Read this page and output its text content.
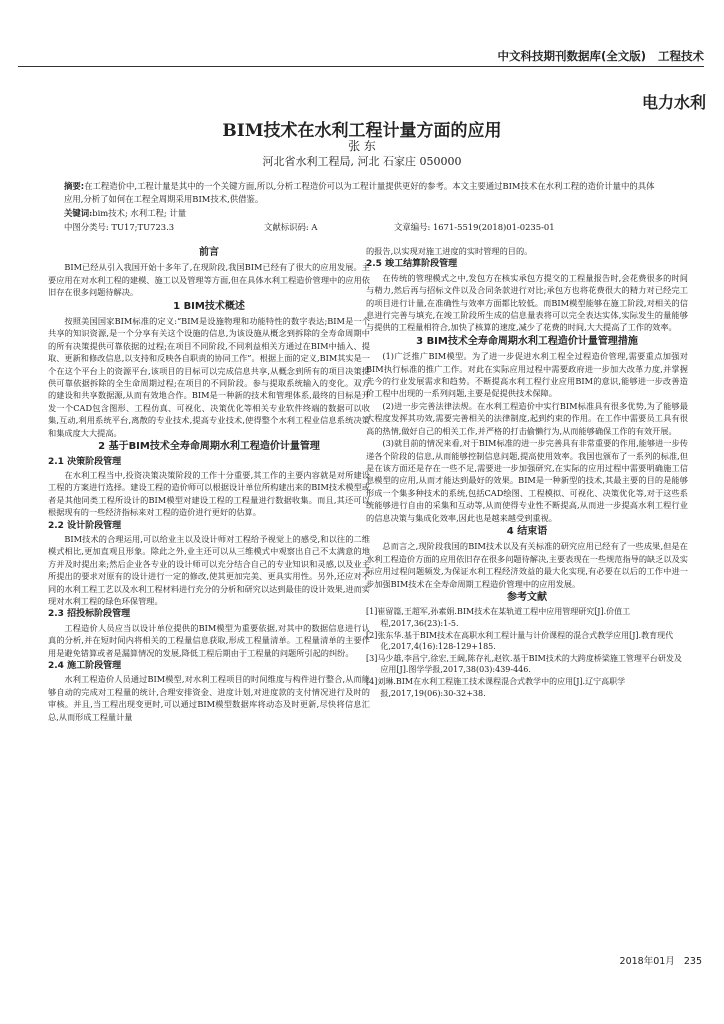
中文科技期刊数据库(全文版) 工程技术
电力水利
BIM技术在水利工程计量方面的应用
张 东
河北省水利工程局, 河北 石家庄 050000
摘要:在工程造价中,工程计量是其中的一个关键方面,所以,分析工程造价可以为工程计量提供更好的参考。本文主要通过BIM技术在水利工程的造价计量中的具体应用,分析了如何在工程全周期采用BIM技术,供借鉴。
关键词:bim技术; 水利工程; 计量
中图分类号: TU17;TU723.3	文献标识码: A	文章编号: 1671-5519(2018)01-0235-01
前言

BIM已经从引入我国开始十多年了,在现阶段,我国BIM已经有了很大的应用发展。主要应用在对水利工程的建模、施工以及管理等方面,但在具体水利工程造价管理中的应用依旧存在很多问题待解决。

1 BIM技术概述

按照美国国家BIM标准的定义:“BIM是设施物理和功能特性的数字表达;BIM是一个共享的知识资源,是一个分享有关这个设施的信息,为该设施从概念到拆除的全寿命周期中的所有决策提供可靠依据的过程;在项目不同阶段,不同利益相关方通过在BIM中插入、提取、更新和修改信息,以支持和反映各自职责的协同工作”。根据上面的定义,BIM其实是一个在这个平台上的资源平台,该项目的目标可以完成信息共享,从概念到所有的项目决策提供可靠依据拆除的全生命周期过程;在项目的不同阶段。参与提取系统输入的变化。双方的建设和共享数据源,从而有效地合作。BIM是一种新的技术和管理体系,最终的目标是开发一个CAD包含图形、工程仿真、可视化、决策优化等相关专业软件终端的数据可以收集,互动,利用系统平台,离散的专业技术,提高专业技术,使得整个水利工程业信息系统决策和集成度大大提高。

2 基于BIM技术全寿命周期水利工程造价计量管理
2.1 决策阶段管理

在水利工程当中,投资决策决策阶段的工作十分重要,其工作的主要内容就是对所建设工程的方案进行选择。建设工程的造价师可以根据设计单位所构建出来的BIM技术模型或者是其他同类工程所设计的BIM模型对建设工程的工程量进行数据收集。而且,其还可以根据现有的一些经济指标来对工程的造价进行更好的估算。

2.2 设计阶段管理

BIM技术的合理运用,可以给业主以及设计师对工程给予视觉上的感受,和以往的二维模式相比,更加直观且形象。除此之外,业主还可以从三维模式中观察出自己不太满意的地方并及时提出来;然后企业各专业的设计师可以充分结合自己的专业知识和灵感,以及业主所提出的要求对原有的设计进行一定的修改,使其更加完美、更具实用性。另外,还应对不同的水利工程工艺以及水利工程材料进行充分的分析和研究以达到最佳的设计效果,进而实现对水利工程的绿色环保管理。

2.3 招投标阶段管理

工程造价人员应当以设计单位提供的BIM模型为重要依据,对其中的数据信息进行认真的分析,并在短时间内将相关的工程量信息获取,形成工程量清单。工程量清单的主要作用是避免错算或者是漏算情况的发展,降低工程后期由于工程量的问题所引起的纠纷。

2.4 施工阶段管理

水利工程造价人员通过BIM模型,对水利工程项目的时间维度与构件进行整合,从而能够自动的完成对工程量的统计,合理安排资金、进度计划,对进度款的支付情况进行及时的审核。并且,当工程出现变更时,可以通过BIM模型数据库将动态及时更新,尽快将信息汇总,从而形成工程量计量

的报告,以实现对施工进度的实时管理的目的。

2.5 竣工结算阶段管理

在传统的管理模式之中,发包方在核实承包方提交的工程量报告时,会花费很多的时间与精力,然后再与招标文件以及合同条款进行对比;承包方也将花费很大的精力对已经完工的项目进行计量,在准确性与效率方面都比较低。而BIM模型能够在施工阶段,对相关的信息进行完善与填充,在竣工阶段所生成的信息量表将可以完全表达实体,实际发生的量能够与提供的工程量相符合,加快了核算的速度,减少了花费的时间,大大提高了工作的效率。

3 BIM技术全寿命周期水利工程造价计量管理措施

(1)广泛推广BIM模型。为了进一步促进水利工程全过程造价管理,需要重点加强对BIM执行标准的推广工作。对此在实际应用过程中需要政府进一步加大改革力度,并掌握先今的行业发展需求和趋势。不断提高水利工程行业应用BIM的意识,能够进一步改善造价工程中出现的一系列问题,主要是促提供技术保障。

(2)进一步完善法律法规。在水利工程造价中实行BIM标准具有很多优势,为了能够最大程度发挥其功效,需要完善相关的法律制度,起到约束的作用。在工作中需要员工具有很高的热情,做好自己的相关工作,并严格的打击偷懒行为,从而能够确保工作的有效开展。

(3)就目前的情况来看,对于BIM标准的进一步完善具有非常重要的作用,能够进一步传递各个阶段的信息,从而能够控制信息问题,提高使用效率。我国也颁布了一系列的标准,但是在该方面还是存在一些不足,需要进一步加强研究,在实际的应用过程中需要明确施工信息模型的应用,从而才能达到最好的效果。BIM是一种新型的技术,其最主要的目的是能够形成一个集多种技术的系统,包括CAD绘图、工程模拟、可视化、决策优化等,对于这些系统能够进行自由的采集和互动等,从而使得专业性不断提高,从而进一步提高水利工程行业的信息决策与集成化效率,因此也是越来越受到重视。

4 结束语

总而言之,现阶段我国的BIM技术以及有关标准的研究应用已经有了一些成果,但是在水利工程造价方面的应用依旧存在很多问题待解决,主要表现在一些规范指导的缺乏以及实际应用过程问题频发,为保证水利工程经济效益的最大化实现,有必要在以后的工作中进一步加强BIM技术在全寿命周期工程造价管理中的应用发展。

参考文献

[1]崔留篇,王超军,孙素娟.BIM技术在某轨道工程中应用管理研究[J].价值工程,2017,36(23):1-5.

[2]张东华.基于BIM技术在高职水利工程计量与计价课程的混合式教学应用[J].教育现代化,2017,4(16):128-129+185.

[3]马少雄,李昌宁,徐宏,王阔,陈存礼,赵钦.基于BIM技术的大跨度桥梁施工管理平台研发及应用[J].图学学报,2017,38(03):439-446.

[4]刘琳.BIM在水利工程施工技术课程混合式教学中的应用[J].辽宁高职学报,2017,19(06):30-32+38.

2018年01月 235
